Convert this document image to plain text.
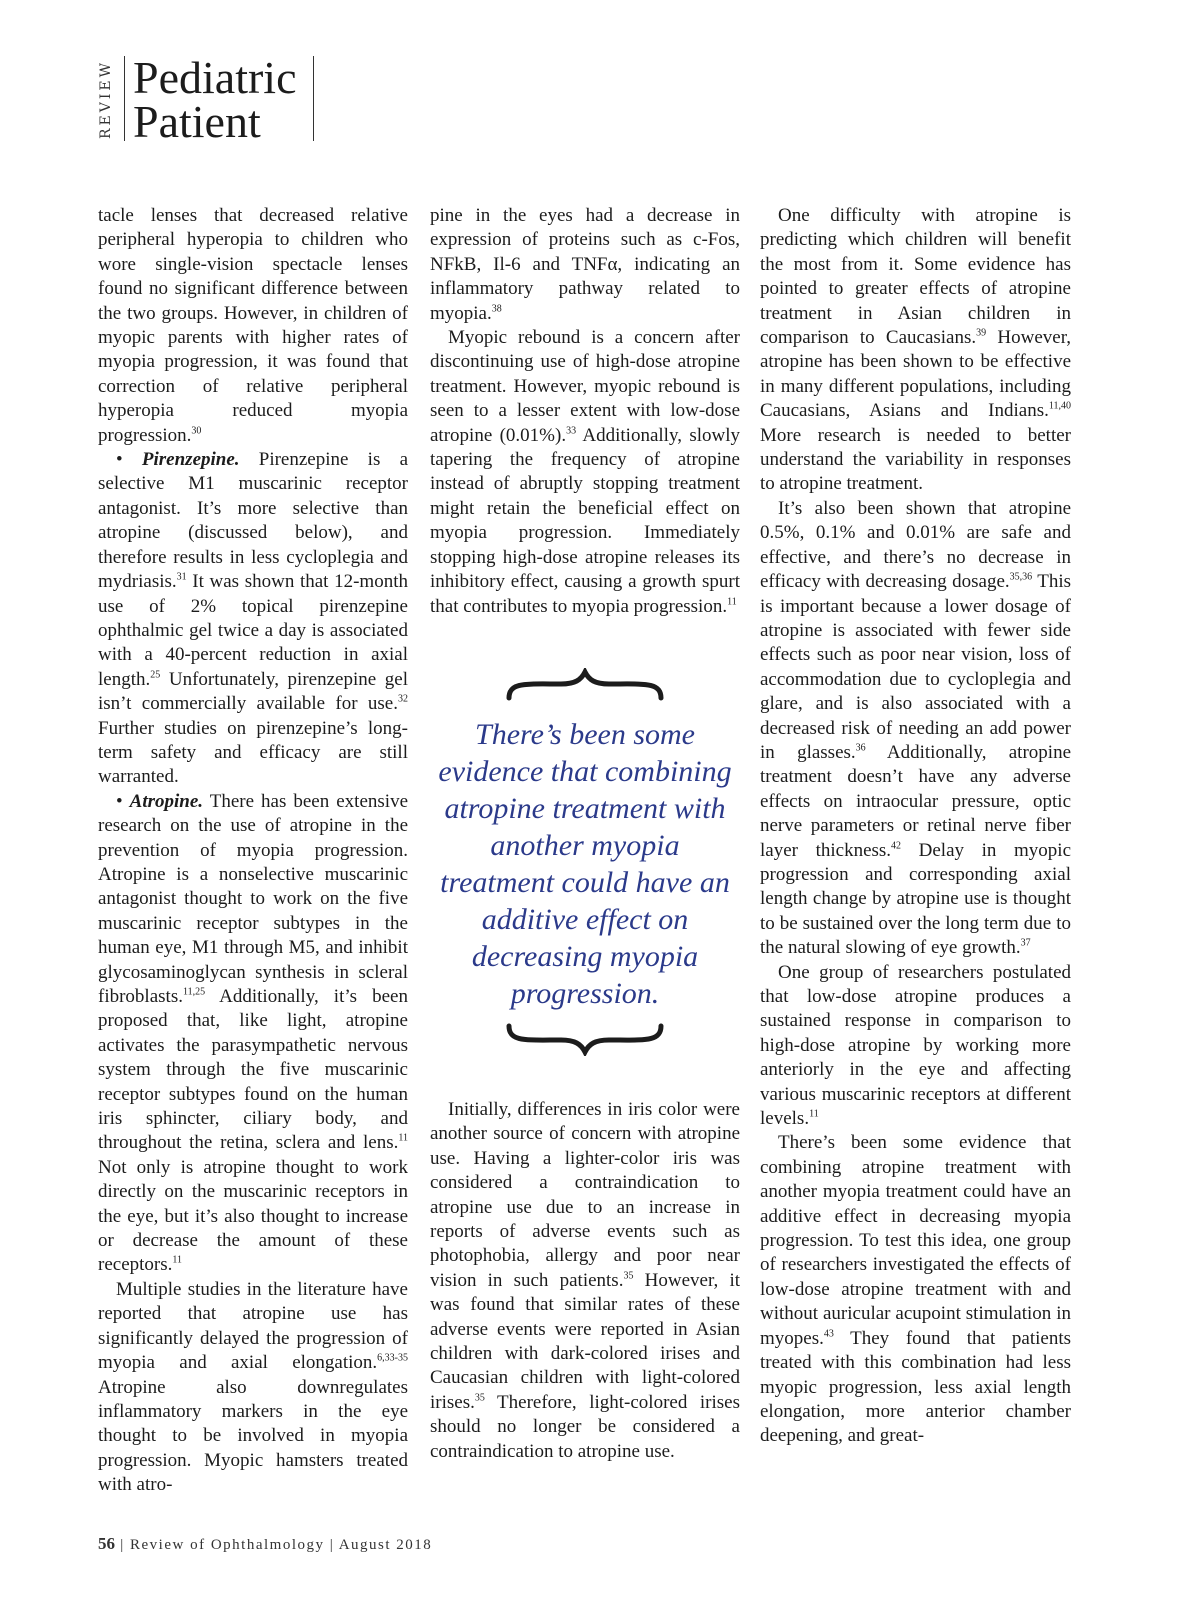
REVIEW Pediatric
Patient

tacle lenses that decreased relative peripheral hyperopia to children who wore single-vision spectacle lenses found no significant difference between the two groups. However, in children of myopic parents with higher rates of myopia progression, it was found that correction of relative peripheral hyperopia reduced myopia progression.$^{30}$

• Pirenzepine. Pirenzepine is a selective M1 muscarinic receptor antagonist. It’s more selective than atropine (discussed below), and therefore results in less cycloplegia and mydriasis.$^{31}$ It was shown that 12-month use of 2% topical pirenzepine ophthalmic gel twice a day is associated with a 40-percent reduction in axial length.$^{25}$ Unfortunately, pirenzepine gel isn’t commercially available for use.$^{32}$ Further studies on pirenzepine’s long-term safety and efficacy are still warranted.

• Atropine. There has been extensive research on the use of atropine in the prevention of myopia progression. Atropine is a nonselective muscarinic antagonist thought to work on the five muscarinic receptor subtypes in the human eye, M1 through M5, and inhibit glycosaminoglycan synthesis in scleral fibroblasts.$^{11,25}$ Additionally, it’s been proposed that, like light, atropine activates the parasympathetic nervous system through the five muscarinic receptor subtypes found on the human iris sphincter, ciliary body, and throughout the retina, sclera and lens.$^{11}$ Not only is atropine thought to work directly on the muscarinic receptors in the eye, but it’s also thought to increase or decrease the amount of these receptors.$^{11}$

Multiple studies in the literature have reported that atropine use has significantly delayed the progression of myopia and axial elongation.$^{6,33-35}$ Atropine also downregulates inflammatory markers in the eye thought to be involved in myopia progression. Myopic hamsters treated with atro-

pine in the eyes had a decrease in expression of proteins such as c-Fos, NFkB, Il-6 and TNFα, indicating an inflammatory pathway related to myopia.$^{38}$

Myopic rebound is a concern after discontinuing use of high-dose atropine treatment. However, myopic rebound is seen to a lesser extent with low-dose atropine (0.01%).$^{33}$ Additionally, slowly tapering the frequency of atropine instead of abruptly stopping treatment might retain the beneficial effect on myopia progression. Immediately stopping high-dose atropine releases its inhibitory effect, causing a growth spurt that contributes to myopia progression.$^{11}$

There’s been some evidence that combining atropine treatment with another myopia treatment could have an additive effect on decreasing myopia progression.

Initially, differences in iris color were another source of concern with atropine use. Having a lighter-color iris was considered a contraindication to atropine use due to an increase in reports of adverse events such as photophobia, allergy and poor near vision in such patients.$^{35}$ However, it was found that similar rates of these adverse events were reported in Asian children with dark-colored irises and Caucasian children with light-colored irises.$^{35}$ Therefore, light-colored irises should no longer be considered a contraindication to atropine use.

One difficulty with atropine is predicting which children will benefit the most from it. Some evidence has pointed to greater effects of atropine treatment in Asian children in comparison to Caucasians.$^{39}$ However, atropine has been shown to be effective in many different populations, including Caucasians, Asians and Indians.$^{11,40}$ More research is needed to better understand the variability in responses to atropine treatment.

It’s also been shown that atropine 0.5%, 0.1% and 0.01% are safe and effective, and there’s no decrease in efficacy with decreasing dosage.$^{35,36}$ This is important because a lower dosage of atropine is associated with fewer side effects such as poor near vision, loss of accommodation due to cycloplegia and glare, and is also associated with a decreased risk of needing an add power in glasses.$^{36}$ Additionally, atropine treatment doesn’t have any adverse effects on intraocular pressure, optic nerve parameters or retinal nerve fiber layer thickness.$^{42}$ Delay in myopic progression and corresponding axial length change by atropine use is thought to be sustained over the long term due to the natural slowing of eye growth.$^{37}$

One group of researchers postulated that low-dose atropine produces a sustained response in comparison to high-dose atropine by working more anteriorly in the eye and affecting various muscarinic receptors at different levels.$^{11}$

There’s been some evidence that combining atropine treatment with another myopia treatment could have an additive effect in decreasing myopia progression. To test this idea, one group of researchers investigated the effects of low-dose atropine treatment with and without auricular acupoint stimulation in myopes.$^{43}$ They found that patients treated with this combination had less myopic progression, less axial length elongation, more anterior chamber deepening, and great-

56 | Review of Ophthalmology | August 2018
